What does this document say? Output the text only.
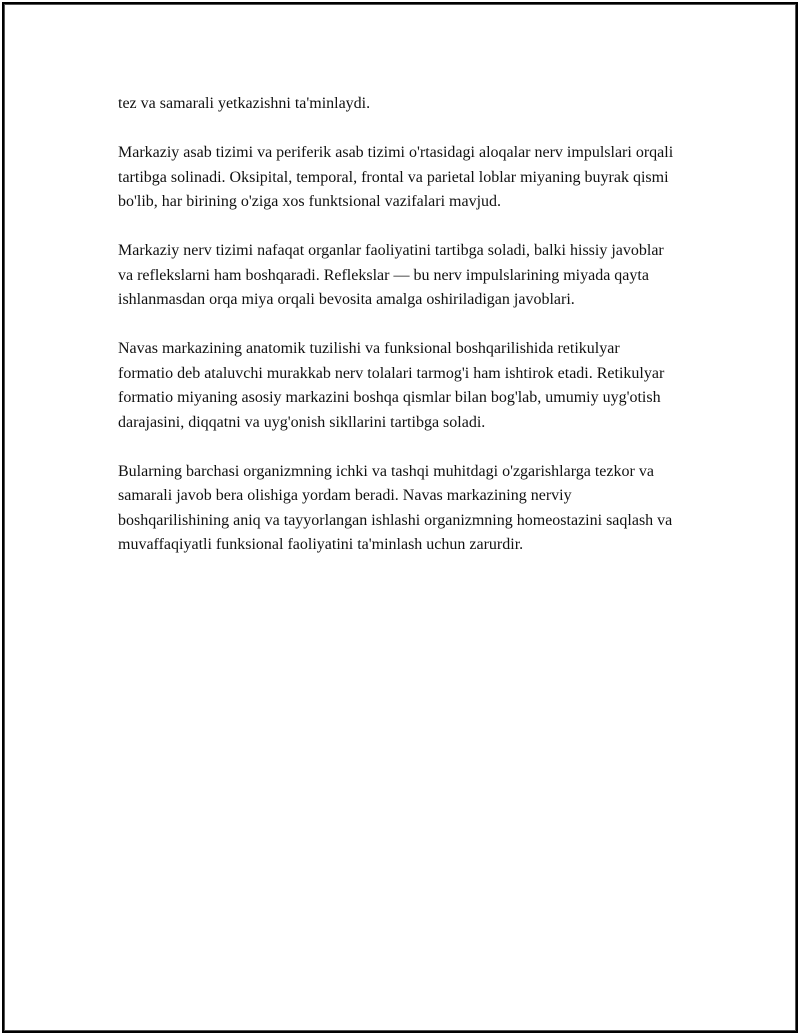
tez va samarali yetkazishni ta'minlaydi.

Markaziy asab tizimi va periferik asab tizimi o'rtasidagi aloqalar nerv impulslari orqali tartibga solinadi. Oksipital, temporal, frontal va parietal loblar miyaning buyrak qismi bo'lib, har birining o'ziga xos funktsional vazifalari mavjud.

Markaziy nerv tizimi nafaqat organlar faoliyatini tartibga soladi, balki hissiy javoblar va reflekslarni ham boshqaradi. Reflekslar — bu nerv impulslarining miyada qayta ishlanmasdan orqa miya orqali bevosita amalga oshiriladigan javoblari.

Navas markazining anatomik tuzilishi va funksional boshqarilishida retikulyar formatio deb ataluvchi murakkab nerv tolalari tarmog'i ham ishtirok etadi. Retikulyar formatio miyaning asosiy markazini boshqa qismlar bilan bog'lab, umumiy uyg'otish darajasini, diqqatni va uyg'onish sikllarini tartibga soladi.

Bularning barchasi organizmning ichki va tashqi muhitdagi o'zgarishlarga tezkor va samarali javob bera olishiga yordam beradi. Navas markazining nerviy boshqarilishining aniq va tayyorlangan ishlashi organizmning homeostazini saqlash va muvaffaqiyatli funksional faoliyatini ta'minlash uchun zarurdir.
